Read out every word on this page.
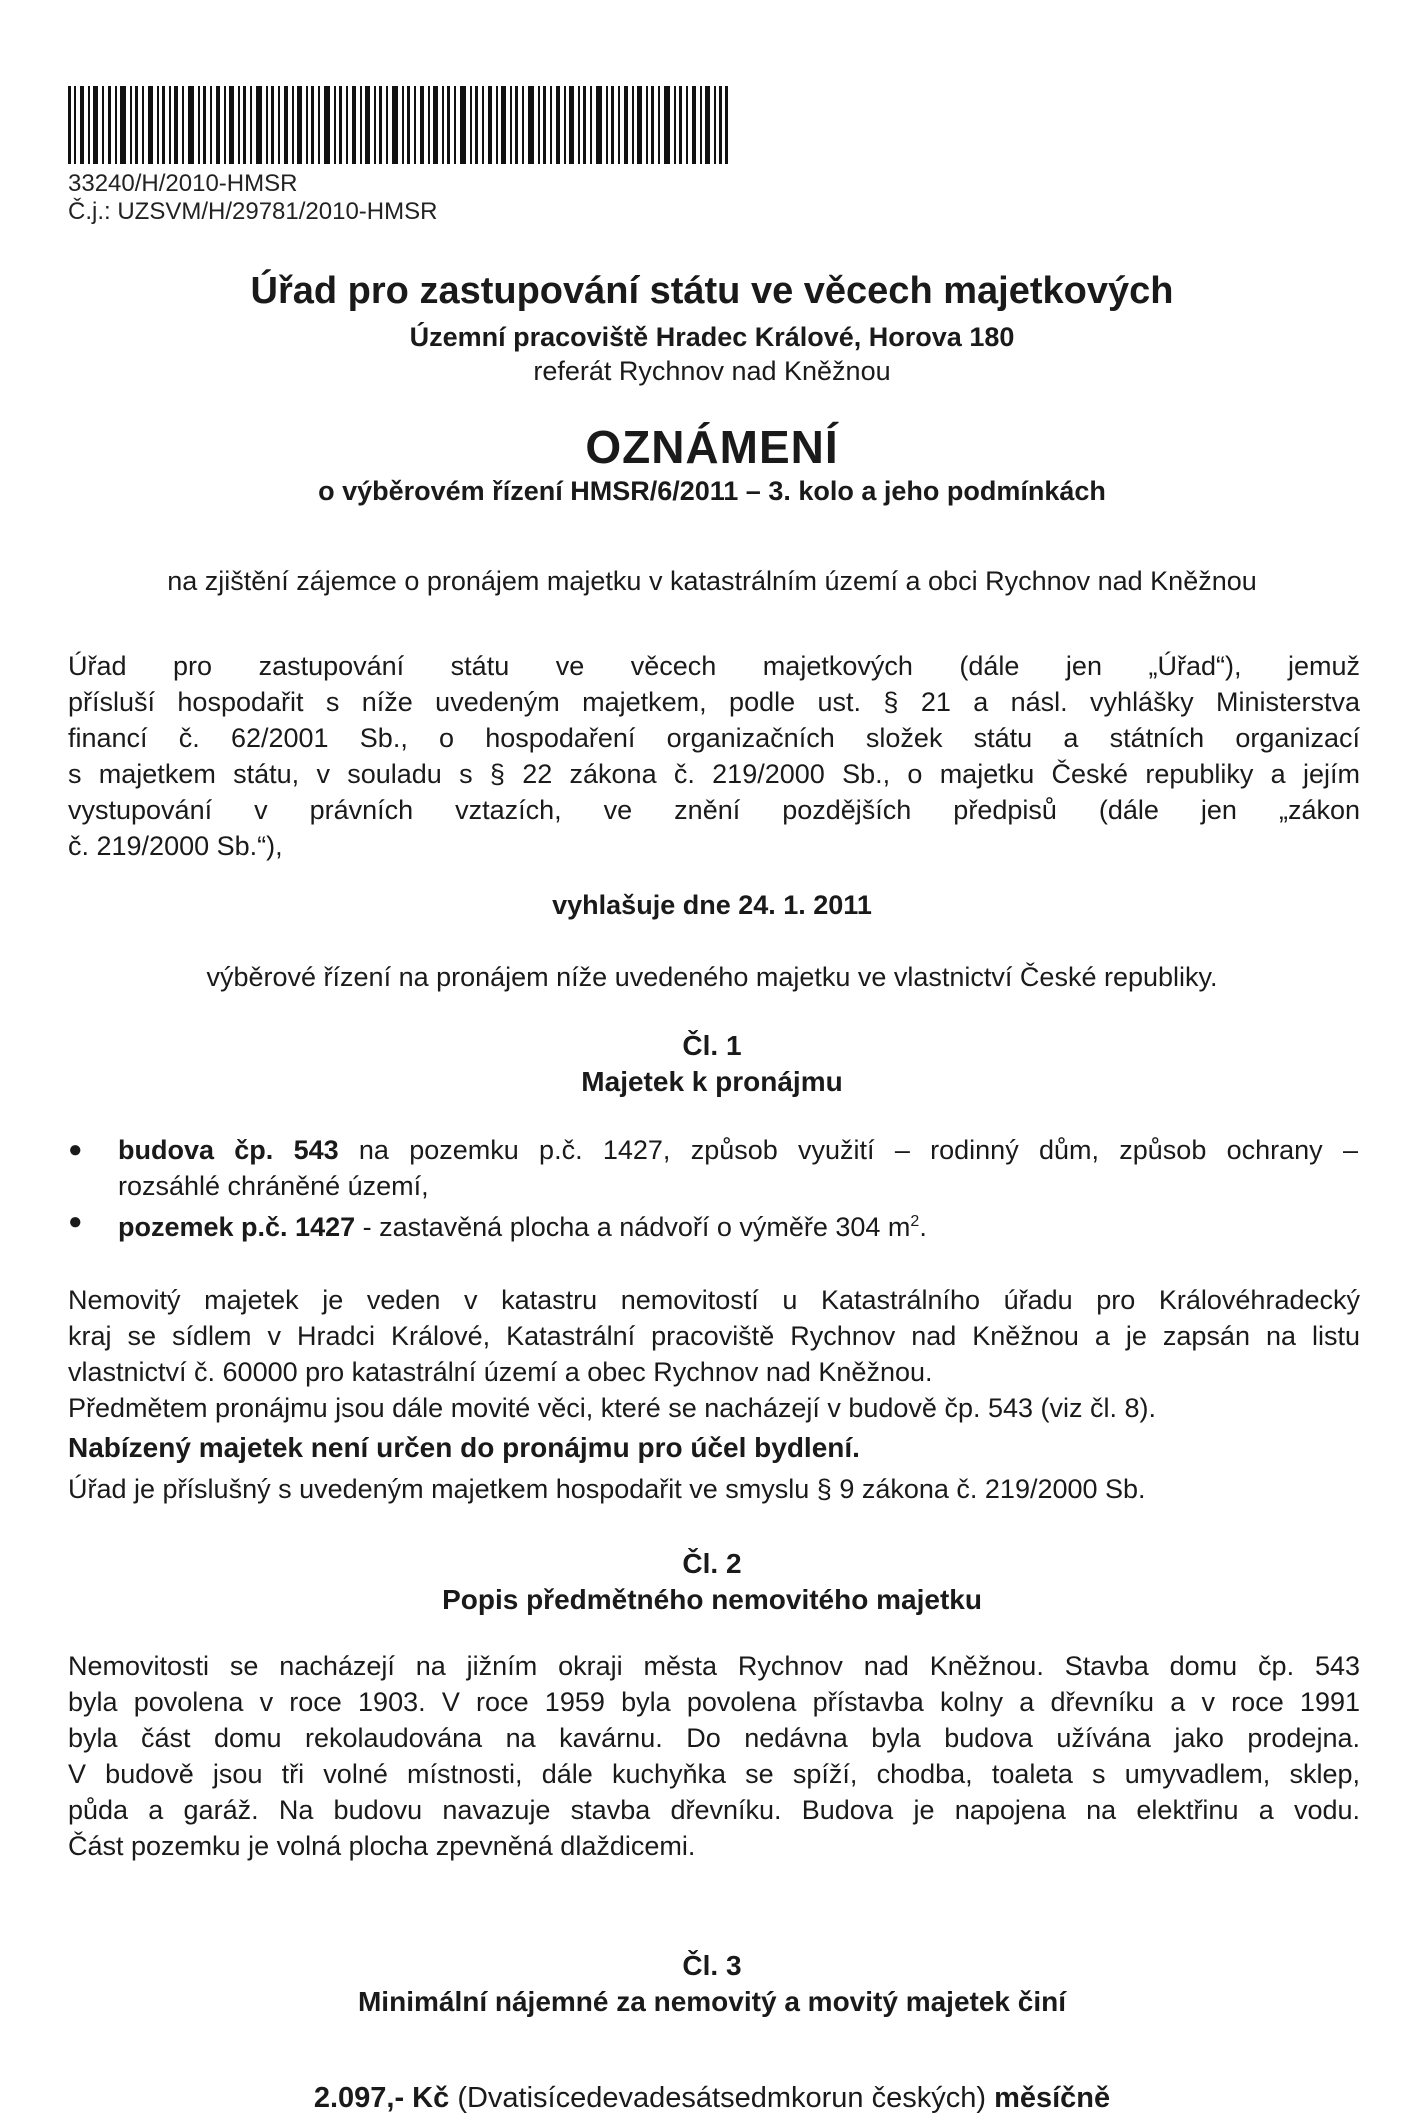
33240/H/2010-HMSR
Č.j.: UZSVM/H/29781/2010-HMSR
Úřad pro zastupování státu ve věcech majetkových
Územní pracoviště Hradec Králové, Horova 180
referát Rychnov nad Kněžnou
OZNÁMENÍ
o výběrovém řízení HMSR/6/2011 – 3. kolo a jeho podmínkách
na zjištění zájemce o pronájem majetku v katastrálním území a obci Rychnov nad Kněžnou
Úřad pro zastupování státu ve věcech majetkových (dále jen „Úřad“), jemuž
přísluší hospodařit s níže uvedeným majetkem, podle ust. § 21 a násl. vyhlášky Ministerstva
financí č. 62/2001 Sb., o hospodaření organizačních složek státu a státních organizací
s majetkem státu, v souladu s § 22 zákona č. 219/2000 Sb., o majetku České republiky a jejím
vystupování v právních vztazích, ve znění pozdějších předpisů (dále jen „zákon
č. 219/2000 Sb.“),
vyhlašuje dne 24. 1. 2011
výběrové řízení na pronájem níže uvedeného majetku ve vlastnictví České republiky.
Čl. 1
Majetek k pronájmu
● budova čp. 543 na pozemku p.č. 1427, způsob využití – rodinný dům, způsob ochrany –
rozsáhlé chráněné území,
● pozemek p.č. 1427 - zastavěná plocha a nádvoří o výměře 304 $m^2$.
Nemovitý majetek je veden v katastru nemovitostí u Katastrálního úřadu pro Královéhradecký
kraj se sídlem v Hradci Králové, Katastrální pracoviště Rychnov nad Kněžnou a je zapsán na listu
vlastnictví č. 60000 pro katastrální území a obec Rychnov nad Kněžnou.
Předmětem pronájmu jsou dále movité věci, které se nacházejí v budově čp. 543 (viz čl. 8).
Nabízený majetek není určen do pronájmu pro účel bydlení.
Úřad je příslušný s uvedeným majetkem hospodařit ve smyslu § 9 zákona č. 219/2000 Sb.
Čl. 2
Popis předmětného nemovitého majetku
Nemovitosti se nacházejí na jižním okraji města Rychnov nad Kněžnou. Stavba domu čp. 543
byla povolena v roce 1903. V roce 1959 byla povolena přístavba kolny a dřevníku a v roce 1991
byla část domu rekolaudována na kavárnu. Do nedávna byla budova užívána jako prodejna.
V budově jsou tři volné místnosti, dále kuchyňka se spíží, chodba, toaleta s umyvadlem, sklep,
půda a garáž. Na budovu navazuje stavba dřevníku. Budova je napojena na elektřinu a vodu.
Část pozemku je volná plocha zpevněná dlaždicemi.
Čl. 3
Minimální nájemné za nemovitý a movitý majetek činí
2.097,- Kč (Dvatisícedevadesátsedmkorun českých) měsíčně
